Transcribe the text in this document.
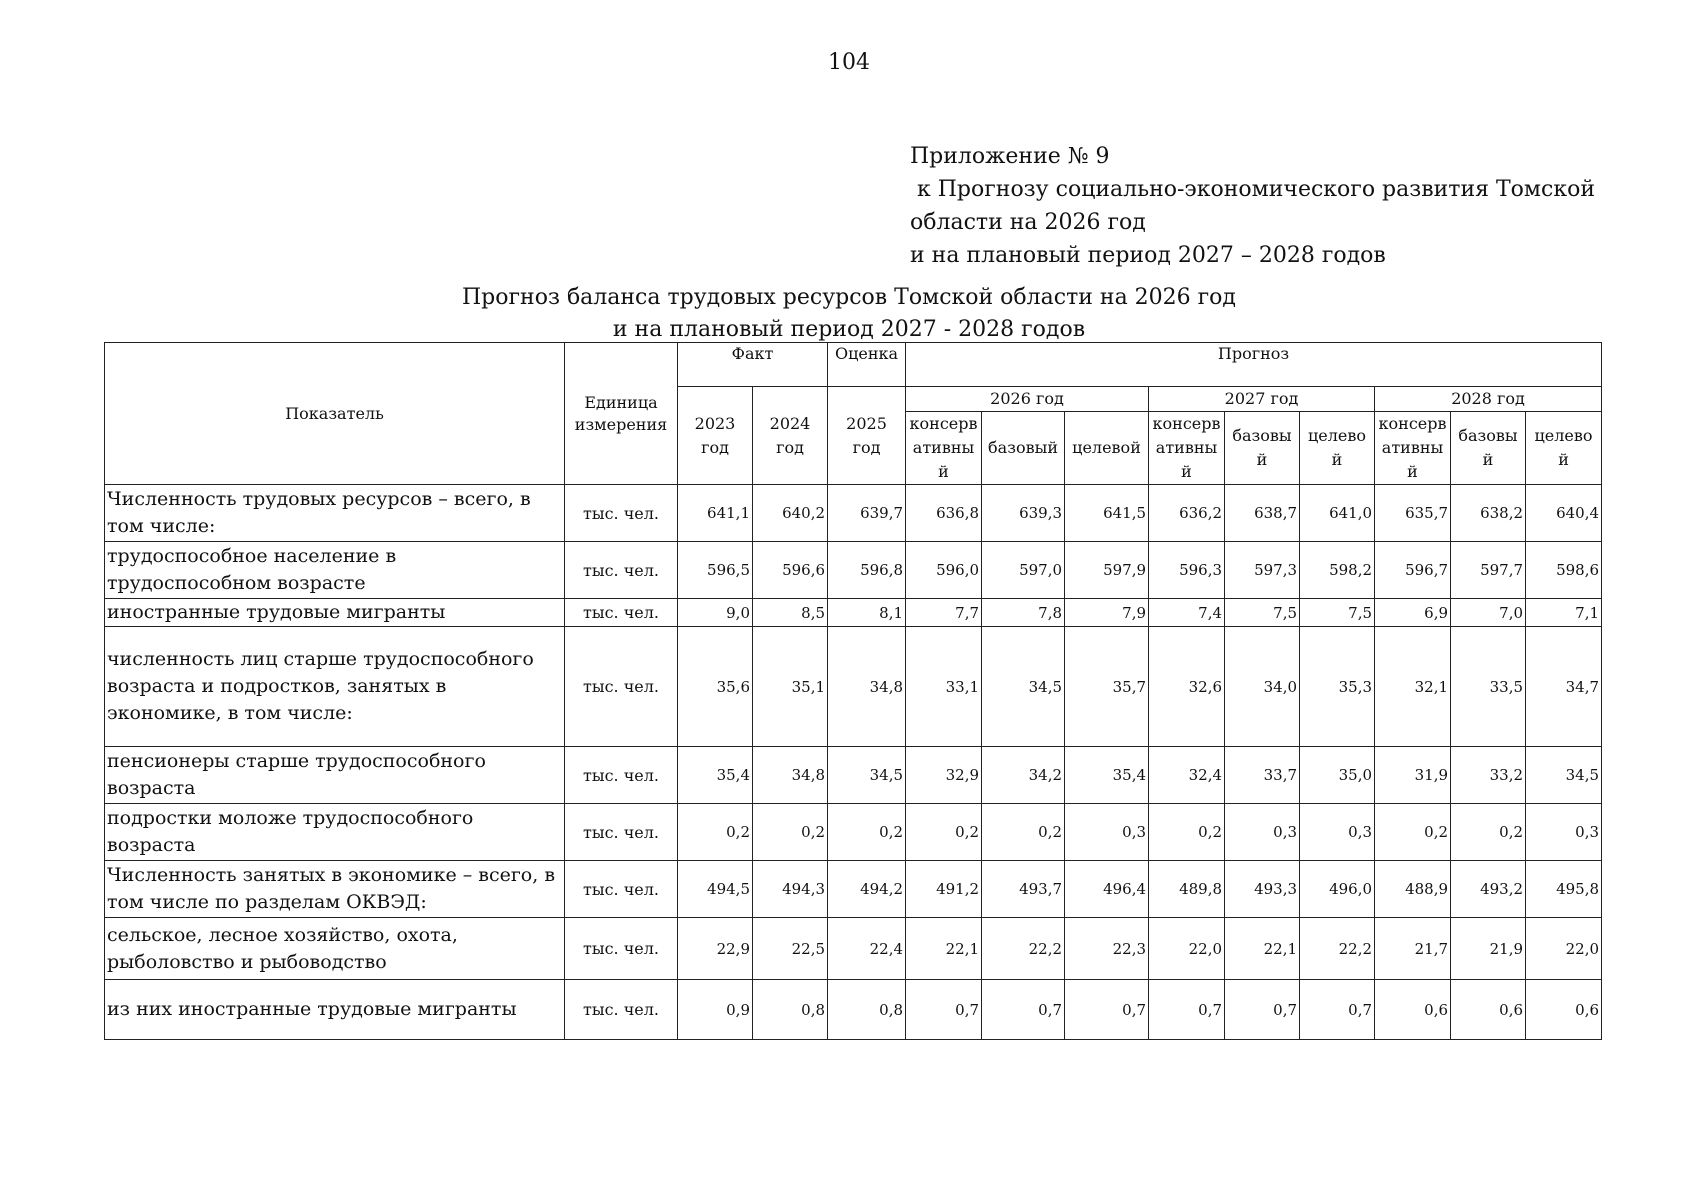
104
Приложение № 9
к Прогнозу социально-экономического развития Томской
области на 2026 год
и на плановый период 2027 – 2028 годов
Прогноз баланса трудовых ресурсов Томской области на 2026 год
и на плановый период 2027 - 2028 годов
Показатель	Единица измерения	Факт		Оценка	Прогноз								
		2023 год	2024 год	2025 год	2026 год			2027 год			2028 год		
					консерв ативны й	базовый	целевой	консерв ативны й	базовы й	целево й	консерв ативны й	базовы й	целево й
Численность трудовых ресурсов – всего, в том числе:	тыс. чел.	641,1	640,2	639,7	636,8	639,3	641,5	636,2	638,7	641,0	635,7	638,2	640,4
трудоспособное население в трудоспособном возрасте	тыс. чел.	596,5	596,6	596,8	596,0	597,0	597,9	596,3	597,3	598,2	596,7	597,7	598,6
иностранные трудовые мигранты	тыс. чел.	9,0	8,5	8,1	7,7	7,8	7,9	7,4	7,5	7,5	6,9	7,0	7,1
численность лиц старше трудоспособного возраста и подростков, занятых в экономике, в том числе:	тыс. чел.	35,6	35,1	34,8	33,1	34,5	35,7	32,6	34,0	35,3	32,1	33,5	34,7
пенсионеры старше трудоспособного возраста	тыс. чел.	35,4	34,8	34,5	32,9	34,2	35,4	32,4	33,7	35,0	31,9	33,2	34,5
подростки моложе трудоспособного возраста	тыс. чел.	0,2	0,2	0,2	0,2	0,2	0,3	0,2	0,3	0,3	0,2	0,2	0,3
Численность занятых в экономике – всего, в том числе по разделам ОКВЭД:	тыс. чел.	494,5	494,3	494,2	491,2	493,7	496,4	489,8	493,3	496,0	488,9	493,2	495,8
сельское, лесное хозяйство, охота, рыболовство и рыбоводство	тыс. чел.	22,9	22,5	22,4	22,1	22,2	22,3	22,0	22,1	22,2	21,7	21,9	22,0
из них иностранные трудовые мигранты	тыс. чел.	0,9	0,8	0,8	0,7	0,7	0,7	0,7	0,7	0,7	0,6	0,6	0,6
